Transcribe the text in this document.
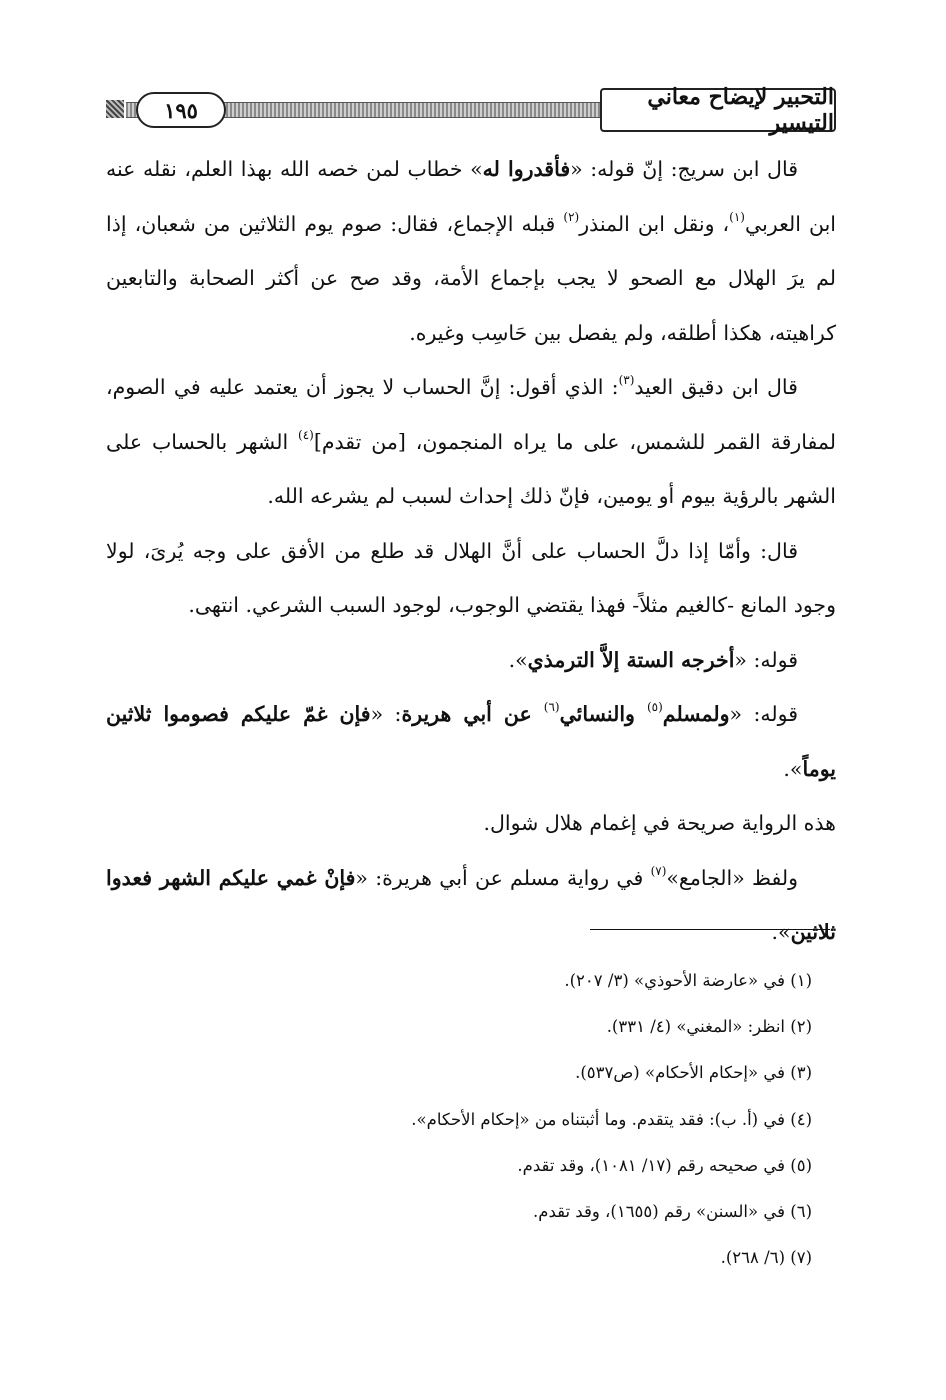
١٩٥	التحبير لإيضاح معاني التيسير

قال ابن سريج: إنّ قوله: «فأقدروا له» خطاب لمن خصه الله بهذا العلم، نقله عنه ابن العربي$^{(١)}$، ونقل ابن المنذر$^{(٢)}$ قبله الإجماع، فقال: صوم يوم الثلاثين من شعبان، إذا لم يرَ الهلال مع الصحو لا يجب بإجماع الأمة، وقد صح عن أكثر الصحابة والتابعين كراهيته، هكذا أطلقه، ولم يفصل بين حَاسِب وغيره.

قال ابن دقيق العيد$^{(٣)}$: الذي أقول: إنَّ الحساب لا يجوز أن يعتمد عليه في الصوم، لمفارقة القمر للشمس، على ما يراه المنجمون، [من تقدم]$^{(٤)}$ الشهر بالحساب على الشهر بالرؤية بيوم أو يومين، فإنّ ذلك إحداث لسبب لم يشرعه الله.

قال: وأمّا إذا دلَّ الحساب على أنَّ الهلال قد طلع من الأفق على وجه يُرىَ، لولا وجود المانع -كالغيم مثلاً- فهذا يقتضي الوجوب، لوجود السبب الشرعي. انتهى.

قوله: «أخرجه الستة إلاَّ الترمذي».

قوله: «ولمسلم$^{(٥)}$ والنسائي$^{(٦)}$ عن أبي هريرة: «فإن غمّ عليكم فصوموا ثلاثين يوماً».

هذه الرواية صريحة في إغمام هلال شوال.

ولفظ «الجامع»$^{(٧)}$ في رواية مسلم عن أبي هريرة: «فإنْ غمي عليكم الشهر فعدوا ثلاثين».

(١) في «عارضة الأحوذي» (٣/ ٢٠٧).

(٢) انظر: «المغني» (٤/ ٣٣١).

(٣) في «إحكام الأحكام» (ص٥٣٧).

(٤) في (أ. ب): فقد يتقدم. وما أثبتناه من «إحكام الأحكام».

(٥) في صحيحه رقم (١٧/ ١٠٨١)، وقد تقدم.

(٦) في «السنن» رقم (١٦٥٥)، وقد تقدم.

(٧) (٦/ ٢٦٨).
